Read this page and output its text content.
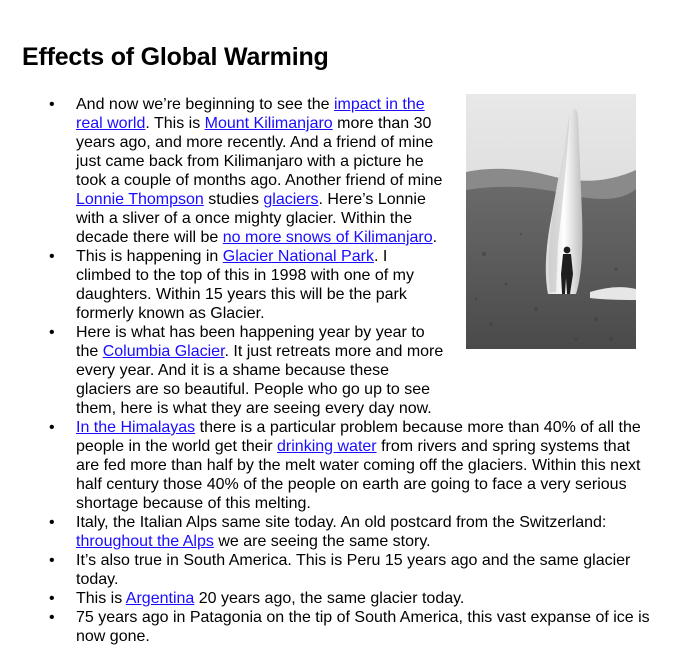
Effects of Global Warming
• And now we’re beginning to see the impact in the real world. This is Mount Kilimanjaro more than 30 years ago, and more recently. And a friend of mine just came back from Kilimanjaro with a picture he took a couple of months ago. Another friend of mine Lonnie Thompson studies glaciers. Here’s Lonnie with a sliver of a once mighty glacier. Within the decade there will be no more snows of Kilimanjaro.
• This is happening in Glacier National Park. I climbed to the top of this in 1998 with one of my daughters. Within 15 years this will be the park formerly known as Glacier.
• Here is what has been happening year by year to the Columbia Glacier. It just retreats more and more every year. And it is a shame because these glaciers are so beautiful. People who go up to see them, here is what they are seeing every day now.
• In the Himalayas there is a particular problem because more than 40% of all the people in the world get their drinking water from rivers and spring systems that are fed more than half by the melt water coming off the glaciers. Within this next half century those 40% of the people on earth are going to face a very serious shortage because of this melting.
• Italy, the Italian Alps same site today. An old postcard from the Switzerland: throughout the Alps we are seeing the same story.
• It’s also true in South America. This is Peru 15 years ago and the same glacier today.
• This is Argentina 20 years ago, the same glacier today.
• 75 years ago in Patagonia on the tip of South America, this vast expanse of ice is now gone.
